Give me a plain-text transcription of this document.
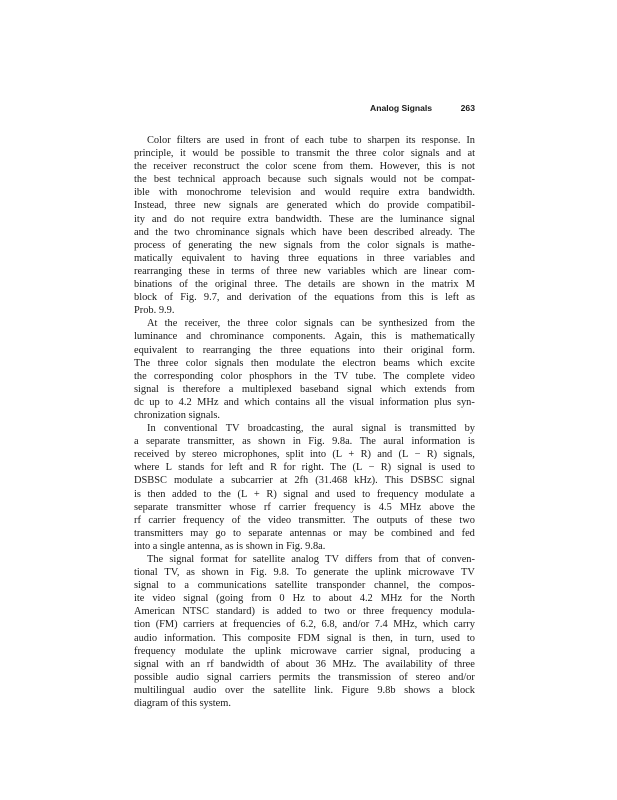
Analog Signals	263
Color filters are used in front of each tube to sharpen its response. In
principle, it would be possible to transmit the three color signals and at
the receiver reconstruct the color scene from them. However, this is not
the best technical approach because such signals would not be compat-
ible with monochrome television and would require extra bandwidth.
Instead, three new signals are generated which do provide compatibil-
ity and do not require extra bandwidth. These are the luminance signal
and the two chrominance signals which have been described already. The
process of generating the new signals from the color signals is mathe-
matically equivalent to having three equations in three variables and
rearranging these in terms of three new variables which are linear com-
binations of the original three. The details are shown in the matrix M
block of Fig. 9.7, and derivation of the equations from this is left as
Prob. 9.9.
At the receiver, the three color signals can be synthesized from the
luminance and chrominance components. Again, this is mathematically
equivalent to rearranging the three equations into their original form.
The three color signals then modulate the electron beams which excite
the corresponding color phosphors in the TV tube. The complete video
signal is therefore a multiplexed baseband signal which extends from
dc up to 4.2 MHz and which contains all the visual information plus syn-
chronization signals.
In conventional TV broadcasting, the aural signal is transmitted by
a separate transmitter, as shown in Fig. 9.8a. The aural information is
received by stereo microphones, split into (L + R) and (L − R) signals,
where L stands for left and R for right. The (L − R) signal is used to
DSBSC modulate a subcarrier at 2fh (31.468 kHz). This DSBSC signal
is then added to the (L + R) signal and used to frequency modulate a
separate transmitter whose rf carrier frequency is 4.5 MHz above the
rf carrier frequency of the video transmitter. The outputs of these two
transmitters may go to separate antennas or may be combined and fed
into a single antenna, as is shown in Fig. 9.8a.
The signal format for satellite analog TV differs from that of conven-
tional TV, as shown in Fig. 9.8. To generate the uplink microwave TV
signal to a communications satellite transponder channel, the compos-
ite video signal (going from 0 Hz to about 4.2 MHz for the North
American NTSC standard) is added to two or three frequency modula-
tion (FM) carriers at frequencies of 6.2, 6.8, and/or 7.4 MHz, which carry
audio information. This composite FDM signal is then, in turn, used to
frequency modulate the uplink microwave carrier signal, producing a
signal with an rf bandwidth of about 36 MHz. The availability of three
possible audio signal carriers permits the transmission of stereo and/or
multilingual audio over the satellite link. Figure 9.8b shows a block
diagram of this system.
